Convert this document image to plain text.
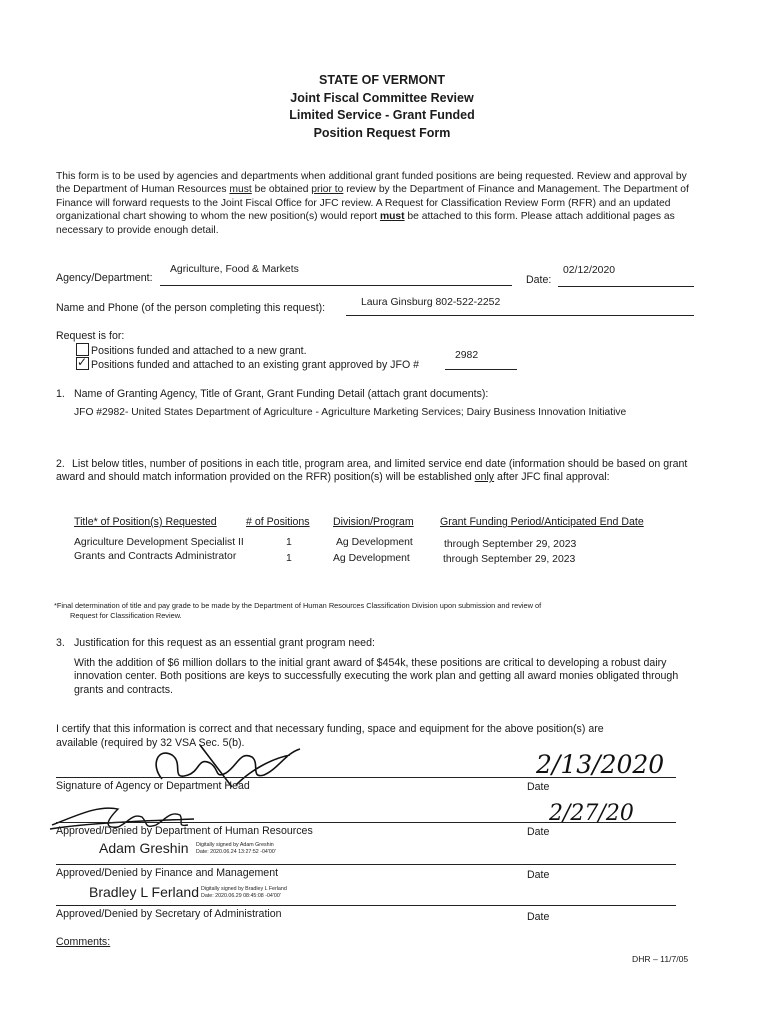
STATE OF VERMONT
Joint Fiscal Committee Review
Limited Service - Grant Funded
Position Request Form
This form is to be used by agencies and departments when additional grant funded positions are being requested. Review and approval by the Department of Human Resources must be obtained prior to review by the Department of Finance and Management. The Department of Finance will forward requests to the Joint Fiscal Office for JFC review. A Request for Classification Review Form (RFR) and an updated organizational chart showing to whom the new position(s) would report must be attached to this form. Please attach additional pages as necessary to provide enough detail.
Agency/Department:
Agriculture, Food & Markets
Date:
02/12/2020
Name and Phone (of the person completing this request):	Laura Ginsburg 802-522-2252
Request is for:
Positions funded and attached to a new grant.
✓Positions funded and attached to an existing grant approved by JFO #
2982
1. Name of Granting Agency, Title of Grant, Grant Funding Detail (attach grant documents):
JFO #2982- United States Department of Agriculture - Agriculture Marketing Services; Dairy Business Innovation Initiative
2. List below titles, number of positions in each title, program area, and limited service end date (information should be based on grant award and should match information provided on the RFR) position(s) will be established only after JFC final approval:
Title* of Position(s) Requested	# of Positions Division/Program Grant Funding Period/Anticipated End Date
Agriculture Development Specialist II	1	Ag Development	through September 29, 2023
Grants and Contracts Administrator	1	Ag Development	through September 29, 2023
*Final determination of title and pay grade to be made by the Department of Human Resources Classification Division upon submission and review of
Request for Classification Review.
3. Justification for this request as an essential grant program need:
With the addition of $6 million dollars to the initial grant award of $454k, these positions are critical to developing a robust dairy innovation center. Both positions are keys to successfully executing the work plan and getting all award monies obligated through grants and contracts.
I certify that this information is correct and that necessary funding, space and equipment for the above position(s) are
available (required by 32 VSA Sec. 5(b).
Signature of Agency or Department Head	Date
2/13/2020
Approved/Denied by Department of Human Resources	Date
2/27/20
Adam Greshin Digitally signed by Adam Greshin
Date: 2020.06.24 13:27:52 -04'00'
Approved/Denied by Finance and Management	Date
Bradley L Ferland Digitally signed by Bradley L Ferland
Date: 2020.06.29 08:45:08 -04'00'
Approved/Denied by Secretary of Administration	Date
Comments:
DHR – 11/7/05
